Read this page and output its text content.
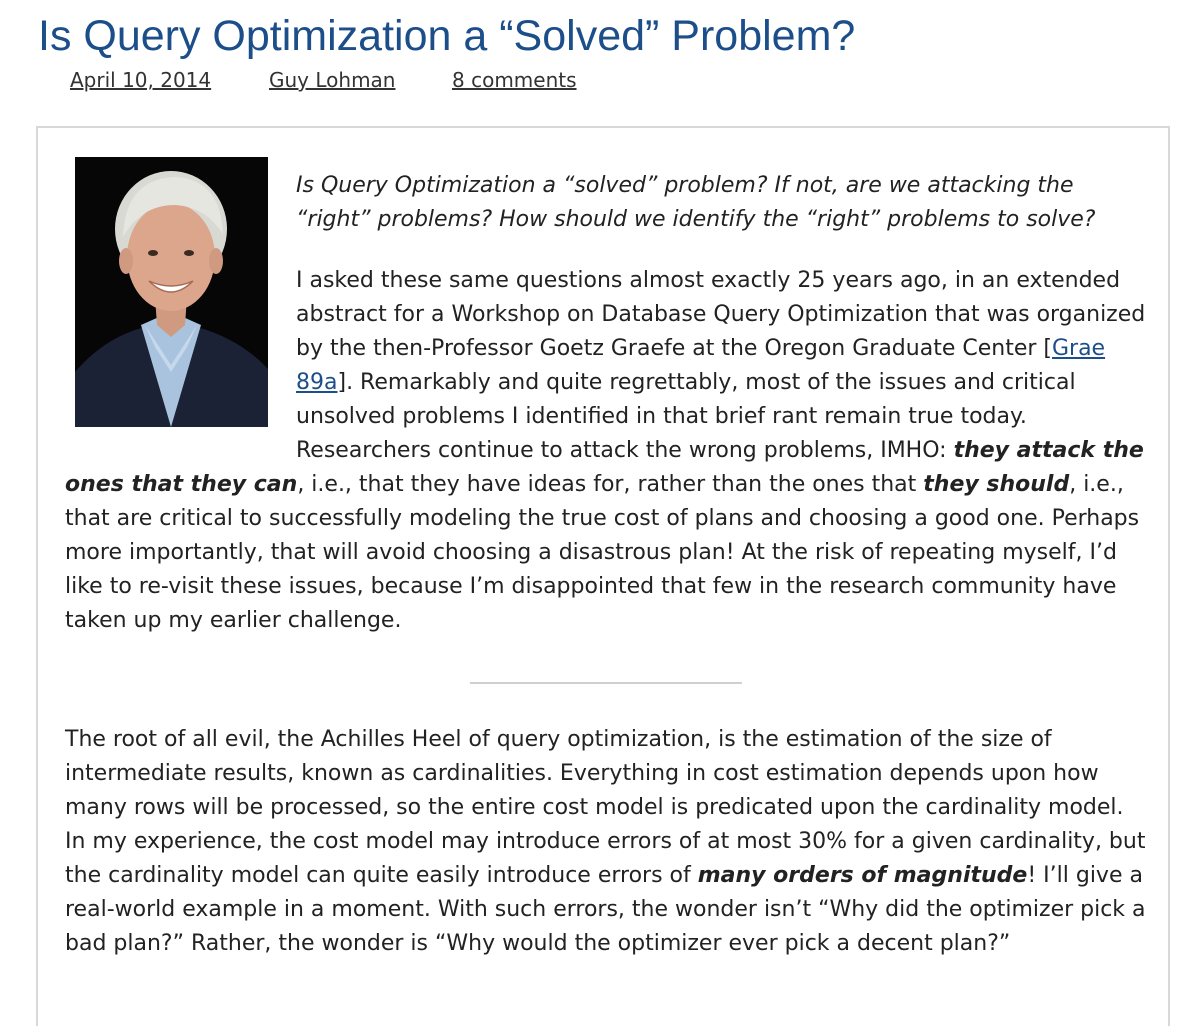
Is Query Optimization a “Solved” Problem?
April 10, 2014	Guy Lohman	8 comments

Is Query Optimization a “solved” problem? If not, are we attacking the “right” problems? How should we identify the “right” problems to solve?

I asked these same questions almost exactly 25 years ago, in an extended abstract for a Workshop on Database Query Optimization that was organized by the then-Professor Goetz Graefe at the Oregon Graduate Center [Grae 89a]. Remarkably and quite regrettably, most of the issues and critical unsolved problems I identified in that brief rant remain true today. Researchers continue to attack the wrong problems, IMHO: they attack the ones that they can, i.e., that they have ideas for, rather than the ones that they should, i.e., that are critical to successfully modeling the true cost of plans and choosing a good one. Perhaps more importantly, that will avoid choosing a disastrous plan! At the risk of repeating myself, I’d like to re-visit these issues, because I’m disappointed that few in the research community have taken up my earlier challenge.

The root of all evil, the Achilles Heel of query optimization, is the estimation of the size of intermediate results, known as cardinalities. Everything in cost estimation depends upon how many rows will be processed, so the entire cost model is predicated upon the cardinality model. In my experience, the cost model may introduce errors of at most 30% for a given cardinality, but the cardinality model can quite easily introduce errors of many orders of magnitude! I’ll give a real-world example in a moment. With such errors, the wonder isn’t “Why did the optimizer pick a bad plan?” Rather, the wonder is “Why would the optimizer ever pick a decent plan?”
